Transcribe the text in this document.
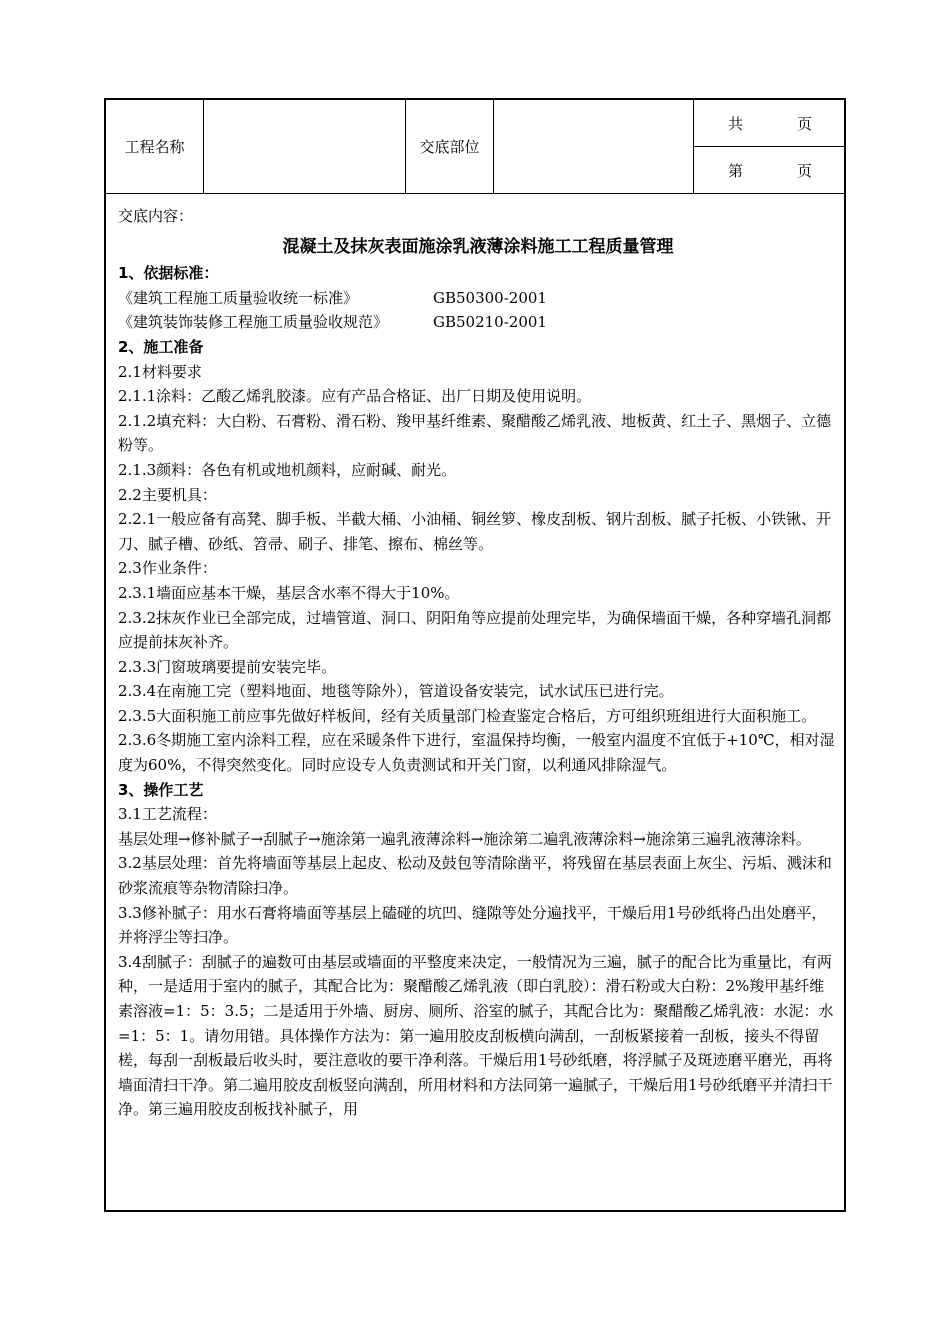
工程名称	交底部位
共	页
第	页

交底内容：

混凝土及抹灰表面施涂乳液薄涂料施工工程质量管理

1、依据标准：

《建筑工程施工质量验收统一标准》	GB50300-2001
《建筑装饰装修工程施工质量验收规范》	GB50210-2001

2、施工准备

2.1材料要求

2.1.1涂料：乙酸乙烯乳胶漆。应有产品合格证、出厂日期及使用说明。

2.1.2填充料：大白粉、石膏粉、滑石粉、羧甲基纤维素、聚醋酸乙烯乳液、地板黄、红土子、黑烟子、立德粉等。

2.1.3颜料：各色有机或地机颜料，应耐碱、耐光。

2.2主要机具：

2.2.1一般应备有高凳、脚手板、半截大桶、小油桶、铜丝箩、橡皮刮板、钢片刮板、腻子托板、小铁锹、开刀、腻子槽、砂纸、笤帚、刷子、排笔、擦布、棉丝等。

2.3作业条件：

2.3.1墙面应基本干燥，基层含水率不得大于10%。

2.3.2抹灰作业已全部完成，过墙管道、洞口、阴阳角等应提前处理完毕，为确保墙面干燥，各种穿墙孔洞都应提前抹灰补齐。

2.3.3门窗玻璃要提前安装完毕。

2.3.4在南施工完（塑料地面、地毯等除外），管道设备安装完，试水试压已进行完。

2.3.5大面积施工前应事先做好样板间，经有关质量部门检查鉴定合格后，方可组织班组进行大面积施工。

2.3.6冬期施工室内涂料工程，应在采暖条件下进行，室温保持均衡，一般室内温度不宜低于+10℃，相对湿度为60%，不得突然变化。同时应设专人负责测试和开关门窗，以利通风排除湿气。

3、操作工艺

3.1工艺流程：

基层处理→修补腻子→刮腻子→施涂第一遍乳液薄涂料→施涂第二遍乳液薄涂料→施涂第三遍乳液薄涂料。

3.2基层处理：首先将墙面等基层上起皮、松动及鼓包等清除凿平，将残留在基层表面上灰尘、污垢、溅沫和砂浆流痕等杂物清除扫净。

3.3修补腻子：用水石膏将墙面等基层上磕碰的坑凹、缝隙等处分遍找平，干燥后用1号砂纸将凸出处磨平，并将浮尘等扫净。

3.4刮腻子：刮腻子的遍数可由基层或墙面的平整度来决定，一般情况为三遍，腻子的配合比为重量比，有两种，一是适用于室内的腻子，其配合比为：聚醋酸乙烯乳液（即白乳胶）：滑石粉或大白粉：2%羧甲基纤维素溶液=1：5：3.5；二是适用于外墙、厨房、厕所、浴室的腻子，其配合比为：聚醋酸乙烯乳液：水泥：水=1：5：1。请勿用错。具体操作方法为：第一遍用胶皮刮板横向满刮，一刮板紧接着一刮板，接头不得留槎，每刮一刮板最后收头时，要注意收的要干净利落。干燥后用1号砂纸磨，将浮腻子及斑迹磨平磨光，再将墙面清扫干净。第二遍用胶皮刮板竖向满刮，所用材料和方法同第一遍腻子，干燥后用1号砂纸磨平并清扫干净。第三遍用胶皮刮板找补腻子，用
